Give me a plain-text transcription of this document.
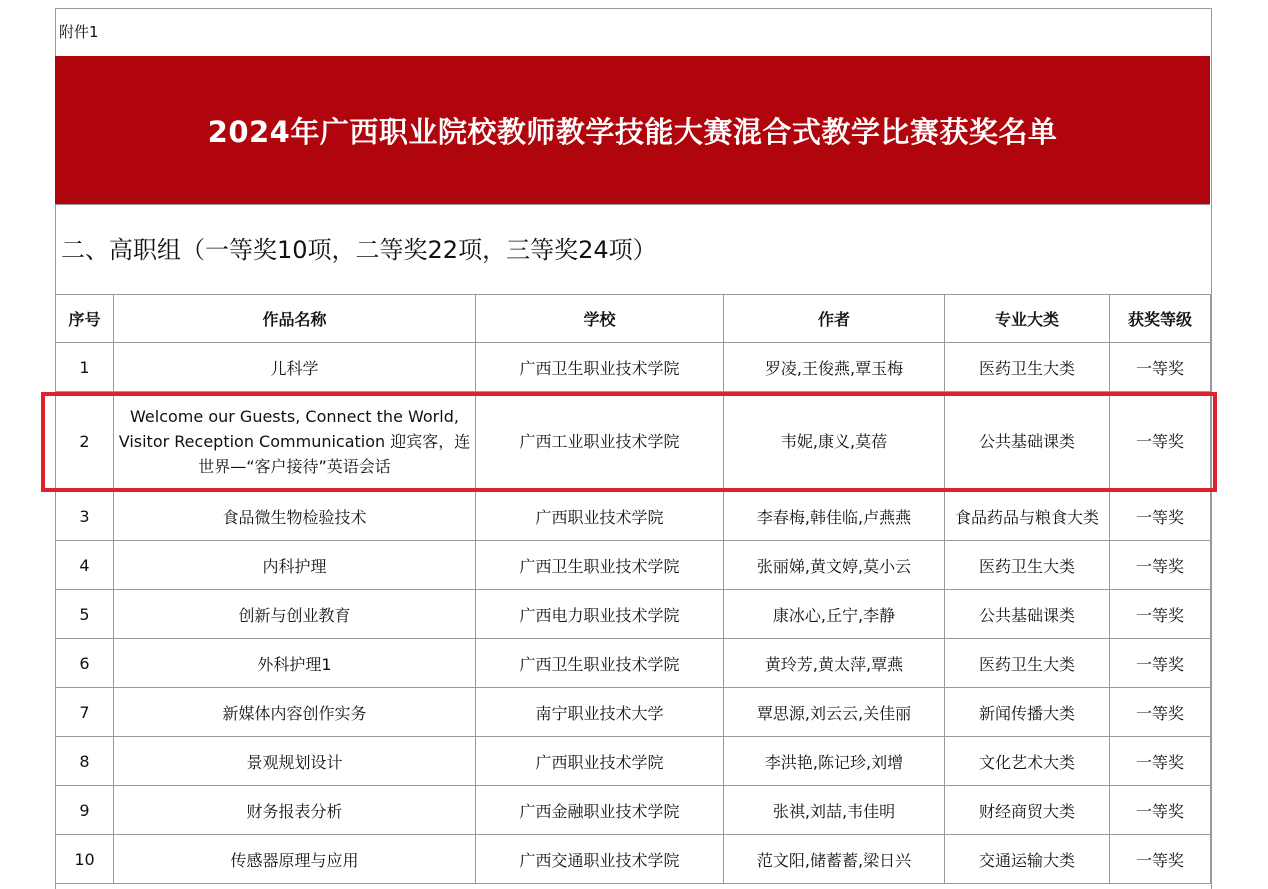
附件1
2024年广西职业院校教师教学技能大赛混合式教学比赛获奖名单
二、高职组（一等奖10项，二等奖22项，三等奖24项）
序号	作品名称	学校	作者	专业大类	获奖等级
1	儿科学	广西卫生职业技术学院	罗凌,王俊燕,覃玉梅	医药卫生大类	一等奖
2	Welcome our Guests, Connect the World, Visitor Reception Communication 迎宾客，连世界—“客户接待”英语会话	广西工业职业技术学院	韦妮,康义,莫蓓	公共基础课类	一等奖
3	食品微生物检验技术	广西职业技术学院	李春梅,韩佳临,卢燕燕	食品药品与粮食大类	一等奖
4	内科护理	广西卫生职业技术学院	张丽娣,黄文婷,莫小云	医药卫生大类	一等奖
5	创新与创业教育	广西电力职业技术学院	康冰心,丘宁,李静	公共基础课类	一等奖
6	外科护理1	广西卫生职业技术学院	黄玲芳,黄太萍,覃燕	医药卫生大类	一等奖
7	新媒体内容创作实务	南宁职业技术大学	覃思源,刘云云,关佳丽	新闻传播大类	一等奖
8	景观规划设计	广西职业技术学院	李洪艳,陈记珍,刘增	文化艺术大类	一等奖
9	财务报表分析	广西金融职业技术学院	张祺,刘喆,韦佳明	财经商贸大类	一等奖
10	传感器原理与应用	广西交通职业技术学院	范文阳,储蓄蓄,梁日兴	交通运输大类	一等奖
